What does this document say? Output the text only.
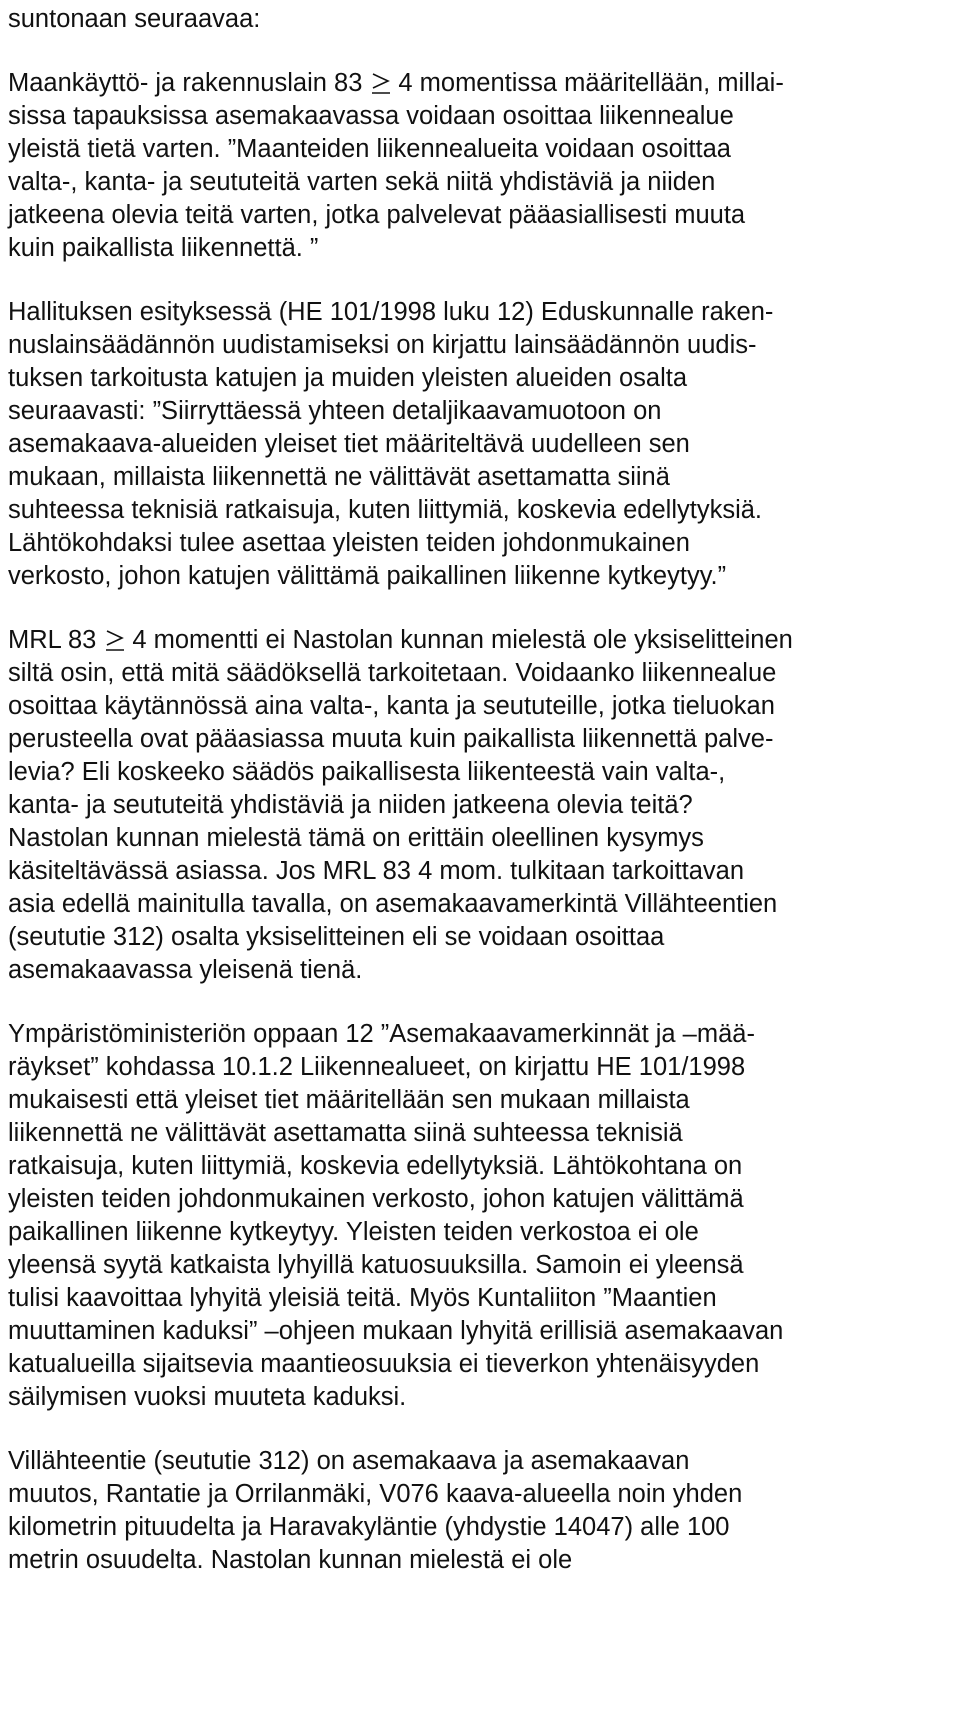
suntonaan seuraavaa:
Maankäyttö- ja rakennuslain 83 4 momentissa määritellään, millai-
sissa tapauksissa asemakaavassa voidaan osoittaa liikennealue
yleistä tietä varten. ”Maanteiden liikennealueita voidaan osoittaa
valta-, kanta- ja seututeitä varten sekä niitä yhdistäviä ja niiden
jatkeena olevia teitä varten, jotka palvelevat pääasiallisesti muuta
kuin paikallista liikennettä. ”
Hallituksen esityksessä (HE 101/1998 luku 12) Eduskunnalle raken-
nuslainsäädännön uudistamiseksi on kirjattu lainsäädännön uudis-
tuksen tarkoitusta katujen ja muiden yleisten alueiden osalta
seuraavasti: ”Siirryttäessä yhteen detaljikaavamuotoon on
asemakaava-alueiden yleiset tiet määriteltävä uudelleen sen
mukaan, millaista liikennettä ne välittävät asettamatta siinä
suhteessa teknisiä ratkaisuja, kuten liittymiä, koskevia edellytyksiä.
Lähtökohdaksi tulee asettaa yleisten teiden johdonmukainen
verkosto, johon katujen välittämä paikallinen liikenne kytkeytyy.”
MRL 83 4 momentti ei Nastolan kunnan mielestä ole yksiselitteinen
siltä osin, että mitä säädöksellä tarkoitetaan. Voidaanko liikennealue
osoittaa käytännössä aina valta-, kanta ja seututeille, jotka tieluokan
perusteella ovat pääasiassa muuta kuin paikallista liikennettä palve-
levia? Eli koskeeko säädös paikallisesta liikenteestä vain valta-,
kanta- ja seututeitä yhdistäviä ja niiden jatkeena olevia teitä?
Nastolan kunnan mielestä tämä on erittäin oleellinen kysymys
käsiteltävässä asiassa. Jos MRL 83 4 mom. tulkitaan tarkoittavan
asia edellä mainitulla tavalla, on asemakaavamerkintä Villähteentien
(seututie 312) osalta yksiselitteinen eli se voidaan osoittaa
asemakaavassa yleisenä tienä.
Ympäristöministeriön oppaan 12 ”Asemakaavamerkinnät ja –mää-
räykset” kohdassa 10.1.2 Liikennealueet, on kirjattu HE 101/1998
mukaisesti että yleiset tiet määritellään sen mukaan millaista
liikennettä ne välittävät asettamatta siinä suhteessa teknisiä
ratkaisuja, kuten liittymiä, koskevia edellytyksiä. Lähtökohtana on
yleisten teiden johdonmukainen verkosto, johon katujen välittämä
paikallinen liikenne kytkeytyy. Yleisten teiden verkostoa ei ole
yleensä syytä katkaista lyhyillä katuosuuksilla. Samoin ei yleensä
tulisi kaavoittaa lyhyitä yleisiä teitä. Myös Kuntaliiton ”Maantien
muuttaminen kaduksi” –ohjeen mukaan lyhyitä erillisiä asemakaavan
katualueilla sijaitsevia maantieosuuksia ei tieverkon yhtenäisyyden
säilymisen vuoksi muuteta kaduksi.
Villähteentie (seututie 312) on asemakaava ja asemakaavan
muutos, Rantatie ja Orrilanmäki, V076 kaava-alueella noin yhden
kilometrin pituudelta ja Haravakyläntie (yhdystie 14047) alle 100
metrin osuudelta. Nastolan kunnan mielestä ei ole
